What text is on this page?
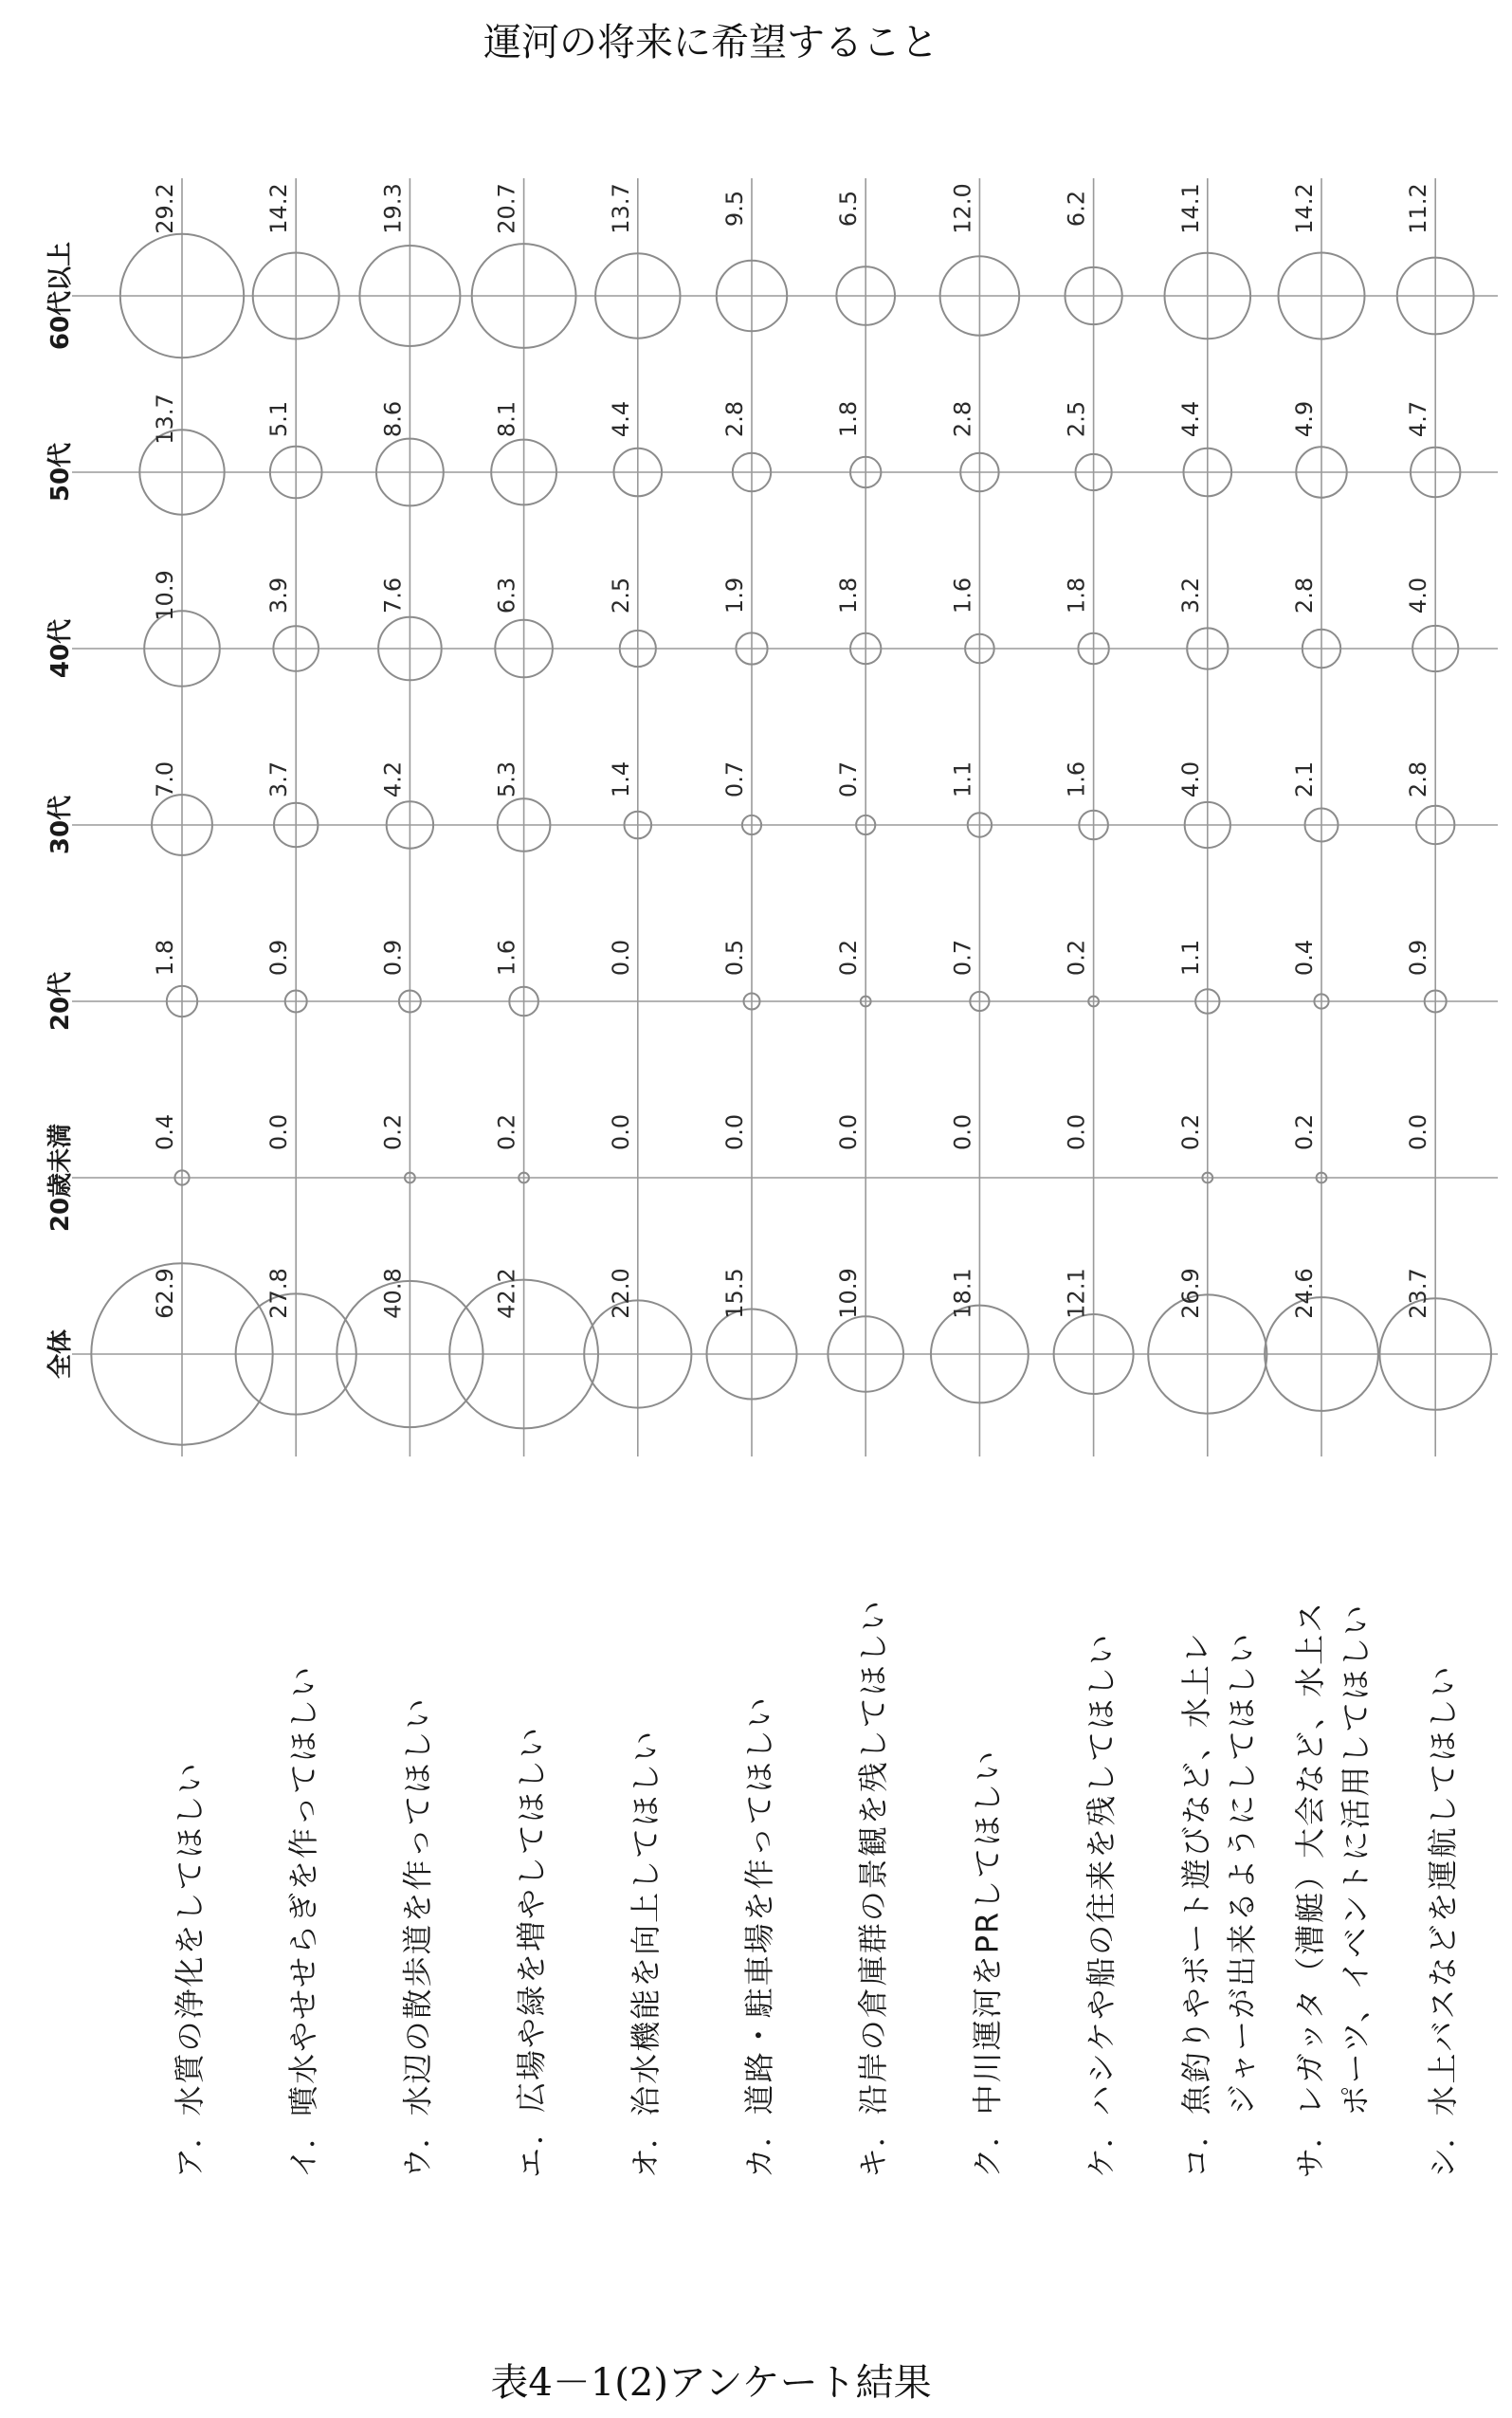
運河の将来に希望すること
62.9	27.8	40.8	42.2	22.0	15.5	10.9	18.1	12.1	26.9	24.6	23.7
0.4	0.0	0.2	0.2	0.0	0.0	0.0	0.0	0.0	0.2	0.2	0.0
1.8	0.9	0.9	1.6	0.0	0.5	0.2	0.7	0.2	1.1	0.4	0.9
7.0	3.7	4.2	5.3	1.4	0.7	0.7	1.1	1.6	4.0	2.1	2.8
10.9	3.9	7.6	6.3	2.5	1.9	1.8	1.6	1.8	3.2	2.8	4.0
13.7	5.1	8.6	8.1	4.4	2.8	1.8	2.8	2.5	4.4	4.9	4.7
29.2	14.2	19.3	20.7	13.7	9.5	6.5	12.0	6.2	14.1	14.2	11.2
全体
20歳未満
20代
30代
40代
50代
60代以上
ア．水質の浄化をしてほしい
イ．噴水やせせらぎを作ってほしい
ウ．水辺の散歩道を作ってほしい
エ．広場や緑を増やしてほしい
オ．治水機能を向上してほしい
カ．道路・駐車場を作ってほしい
キ．沿岸の倉庫群の景観を残してほしい
ク．中川運河をPRしてほしい
ケ．ハシケや船の往来を残してほしい
コ．魚釣りやボート遊びなど、水上レ ジャーが出来るようにしてほしい
サ．レガッタ（漕艇）大会など、水上ス ポーツ、イベントに活用してほしい
シ．水上バスなどを運航してほしい
表4－1(2)アンケート結果
